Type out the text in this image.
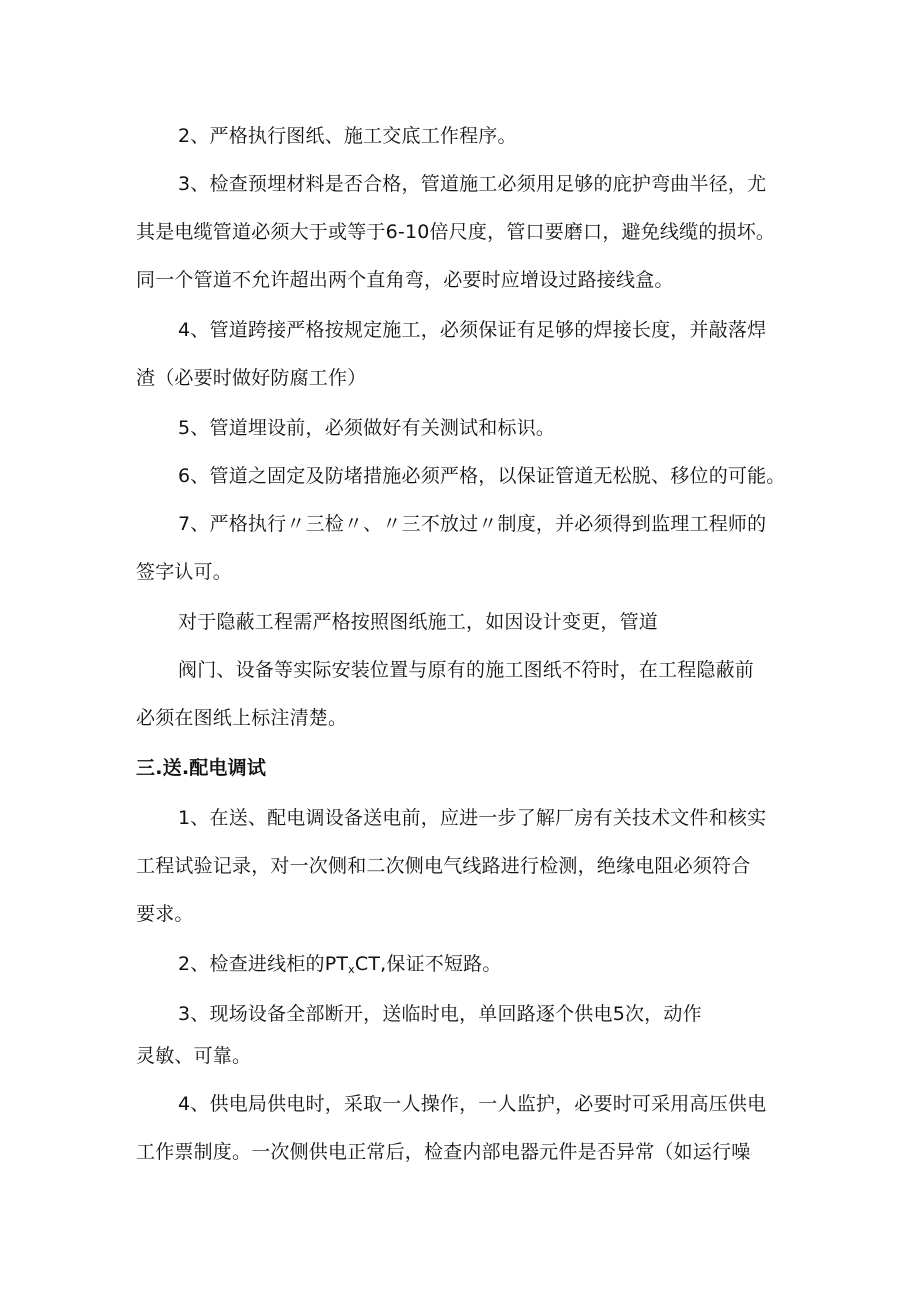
2、严格执行图纸、施工交底工作程序。
3、检查预埋材料是否合格，管道施工必须用足够的庇护弯曲半径，尤
其是电缆管道必须大于或等于6-10倍尺度，管口要磨口，避免线缆的损坏。
同一个管道不允许超出两个直角弯，必要时应增设过路接线盒。
4、管道跨接严格按规定施工，必须保证有足够的焊接长度，并敲落焊
渣（必要时做好防腐工作）
5、管道埋设前，必须做好有关测试和标识。
6、管道之固定及防堵措施必须严格，以保证管道无松脱、移位的可能。
7、严格执行〃三检〃、〃三不放过〃制度，并必须得到监理工程师的
签字认可。
对于隐蔽工程需严格按照图纸施工，如因设计变更，管道
阀门、设备等实际安装位置与原有的施工图纸不符时，在工程隐蔽前
必须在图纸上标注清楚。
三.送.配电调试
1、在送、配电调设备送电前，应进一步了解厂房有关技术文件和核实
工程试验记录，对一次侧和二次侧电气线路进行检测，绝缘电阻必须符合
要求。
2、检查进线柜的$PT_xCT$,保证不短路。
3、现场设备全部断开，送临时电，单回路逐个供电5次，动作
灵敏、可靠。
4、供电局供电时，采取一人操作，一人监护，必要时可采用高压供电
工作票制度。一次侧供电正常后，检查内部电器元件是否异常（如运行噪
